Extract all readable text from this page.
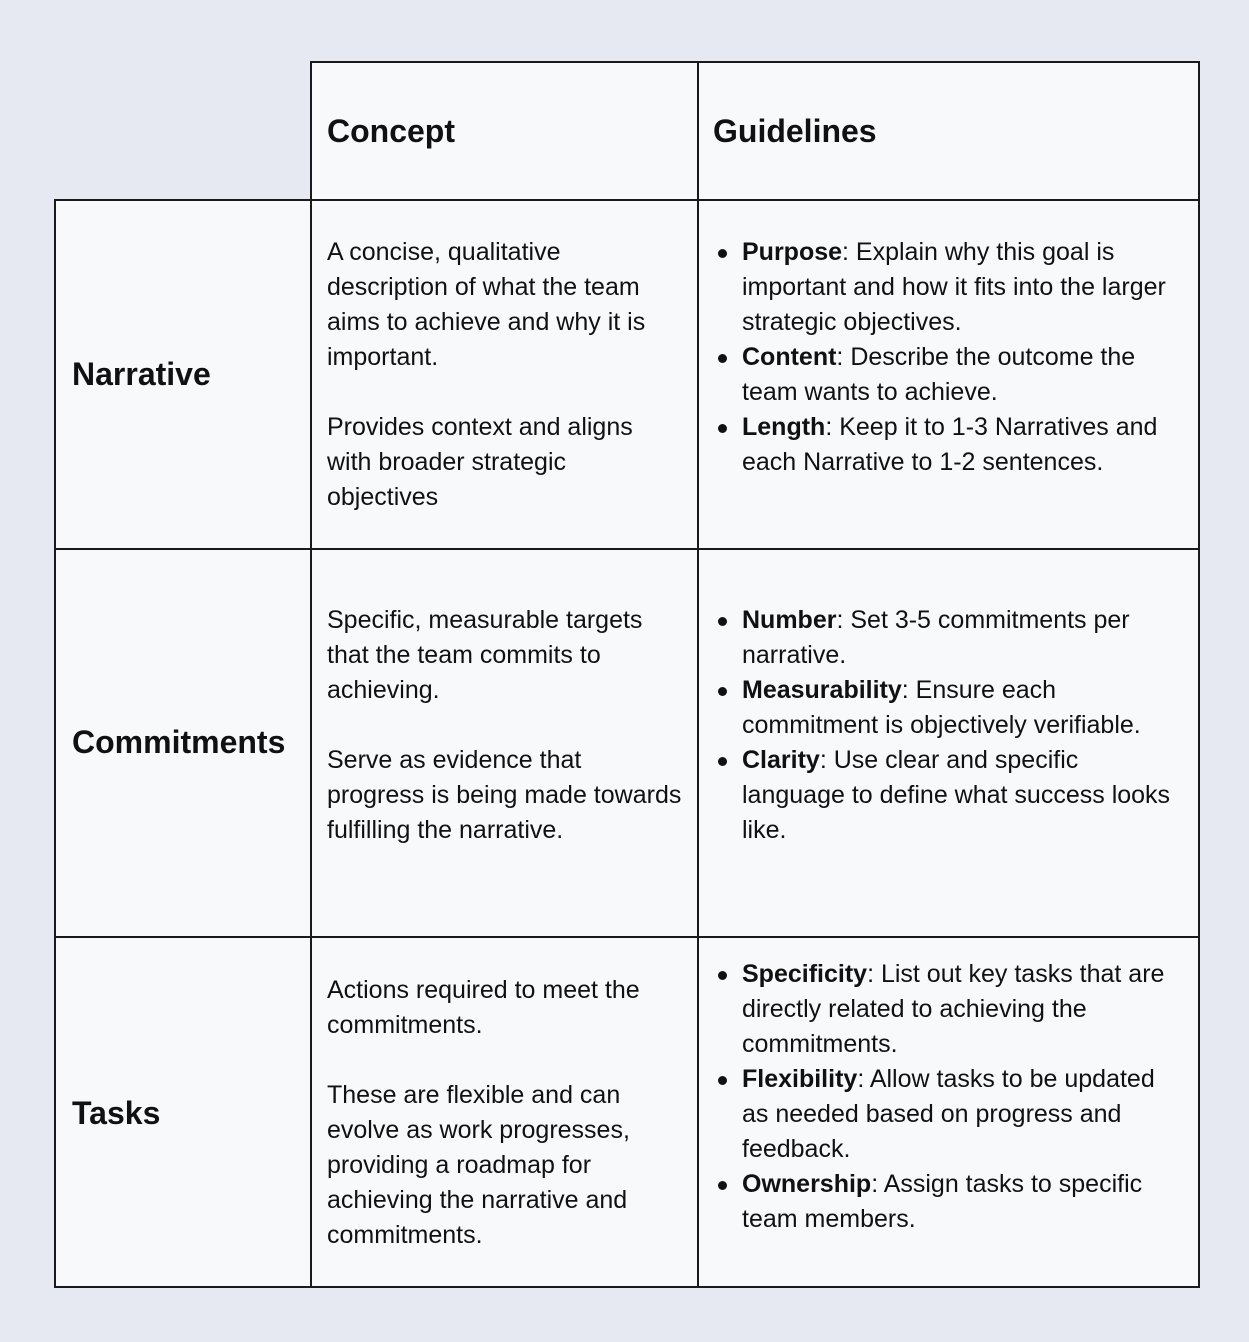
Concept	Guidelines
Narrative

A concise, qualitative description of what the team aims to achieve and why it is important.

Provides context and aligns with broader strategic objectives

Purpose: Explain why this goal is important and how it fits into the larger strategic objectives.
Content: Describe the outcome the team wants to achieve.
Length: Keep it to 1-3 Narratives and each Narrative to 1-2 sentences.
Commitments

Specific, measurable targets that the team commits to achieving.

Serve as evidence that progress is being made towards fulfilling the narrative.

Number: Set 3-5 commitments per narrative.
Measurability: Ensure each commitment is objectively verifiable.
Clarity: Use clear and specific language to define what success looks like.
Tasks

Actions required to meet the commitments.

These are flexible and can evolve as work progresses, providing a roadmap for achieving the narrative and commitments.

Specificity: List out key tasks that are directly related to achieving the commitments.
Flexibility: Allow tasks to be updated as needed based on progress and feedback.
Ownership: Assign tasks to specific team members.
